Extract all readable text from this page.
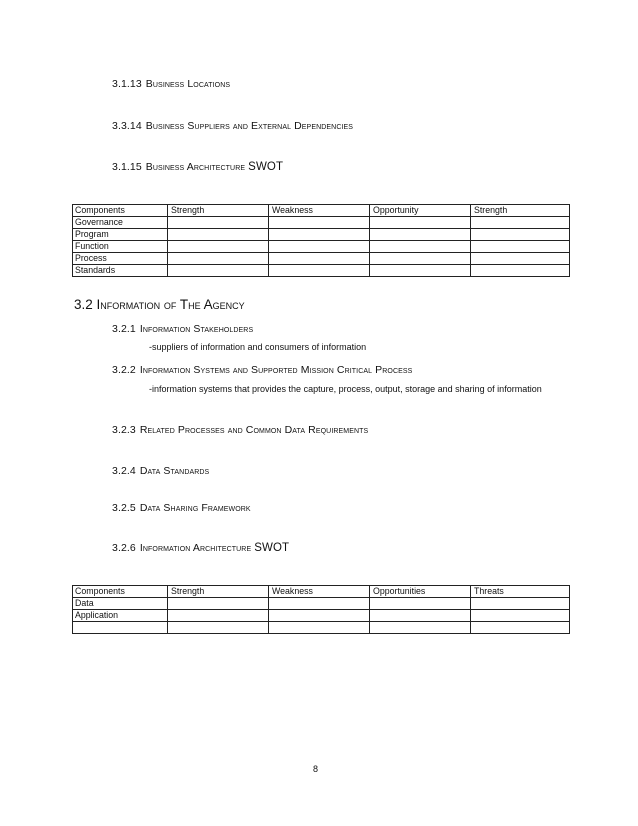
3.1.13 Business Locations
3.3.14 Business Suppliers and External Dependencies
3.1.15 Business Architecture SWOT
Components	Strength	Weakness	Opportunity	Strength
Governance				
Program				
Function				
Process				
Standards				
3.2 Information of The Agency
3.2.1 Information Stakeholders
-suppliers of information and consumers of information
3.2.2 Information Systems and Supported Mission Critical Process
-information systems that provides the capture, process, output, storage and sharing of information
3.2.3 Related Processes and Common Data Requirements
3.2.4 Data Standards
3.2.5 Data Sharing Framework
3.2.6 Information Architecture SWOT
Components	Strength	Weakness	Opportunities	Threats
Data				
Application				

8
